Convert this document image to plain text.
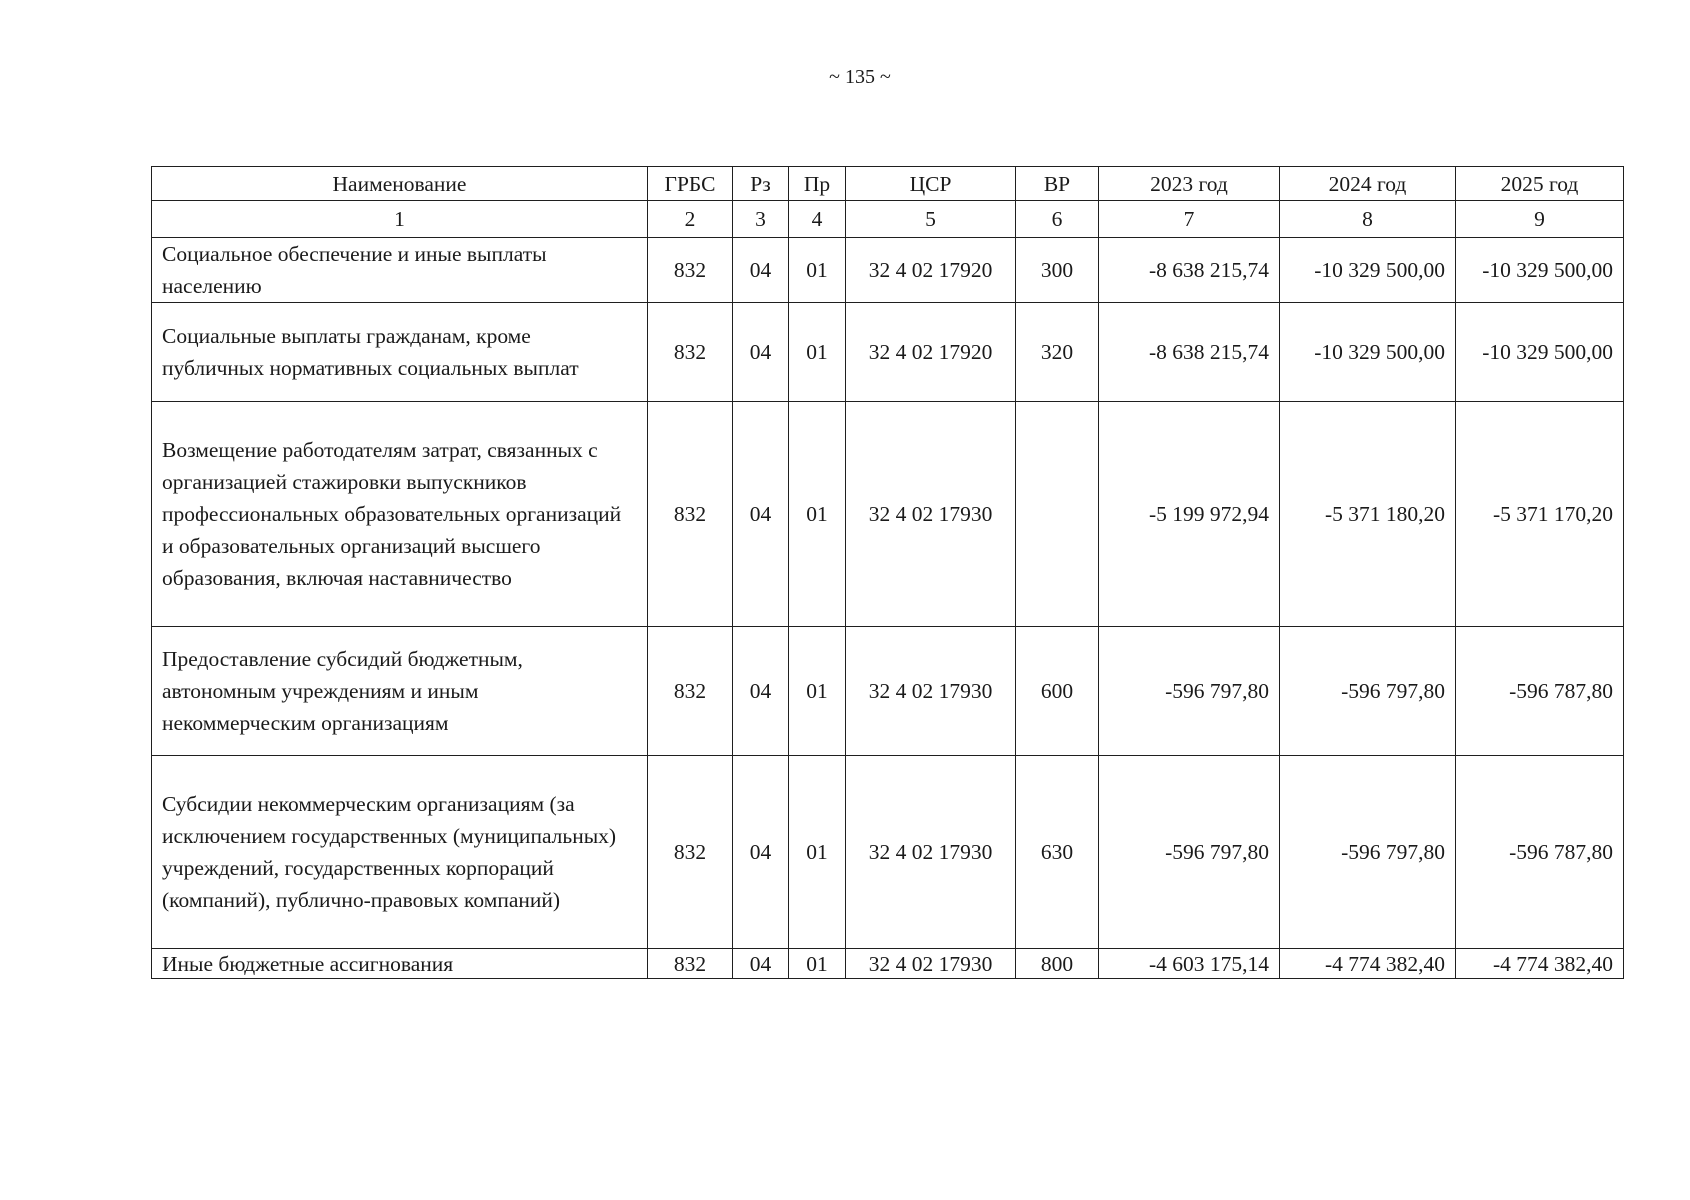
~ 135 ~
Наименование	ГРБС	Рз	Пр	ЦСР	ВР	2023 год	2024 год	2025 год
1	2	3	4	5	6	7	8	9
Социальное обеспечение и иные выплаты населению	832	04	01	32 4 02 17920	300	-8 638 215,74	-10 329 500,00	-10 329 500,00
Социальные выплаты гражданам, кроме публичных нормативных социальных выплат	832	04	01	32 4 02 17920	320	-8 638 215,74	-10 329 500,00	-10 329 500,00
Возмещение работодателям затрат, связанных с организацией стажировки выпускников профессиональных образовательных организаций и образовательных организаций высшего образования, включая наставничество	832	04	01	32 4 02 17930		-5 199 972,94	-5 371 180,20	-5 371 170,20
Предоставление субсидий бюджетным, автономным учреждениям и иным некоммерческим организациям	832	04	01	32 4 02 17930	600	-596 797,80	-596 797,80	-596 787,80
Субсидии некоммерческим организациям (за исключением государственных (муниципальных) учреждений, государственных корпораций (компаний), публично-правовых компаний)	832	04	01	32 4 02 17930	630	-596 797,80	-596 797,80	-596 787,80
Иные бюджетные ассигнования	832	04	01	32 4 02 17930	800	-4 603 175,14	-4 774 382,40	-4 774 382,40
